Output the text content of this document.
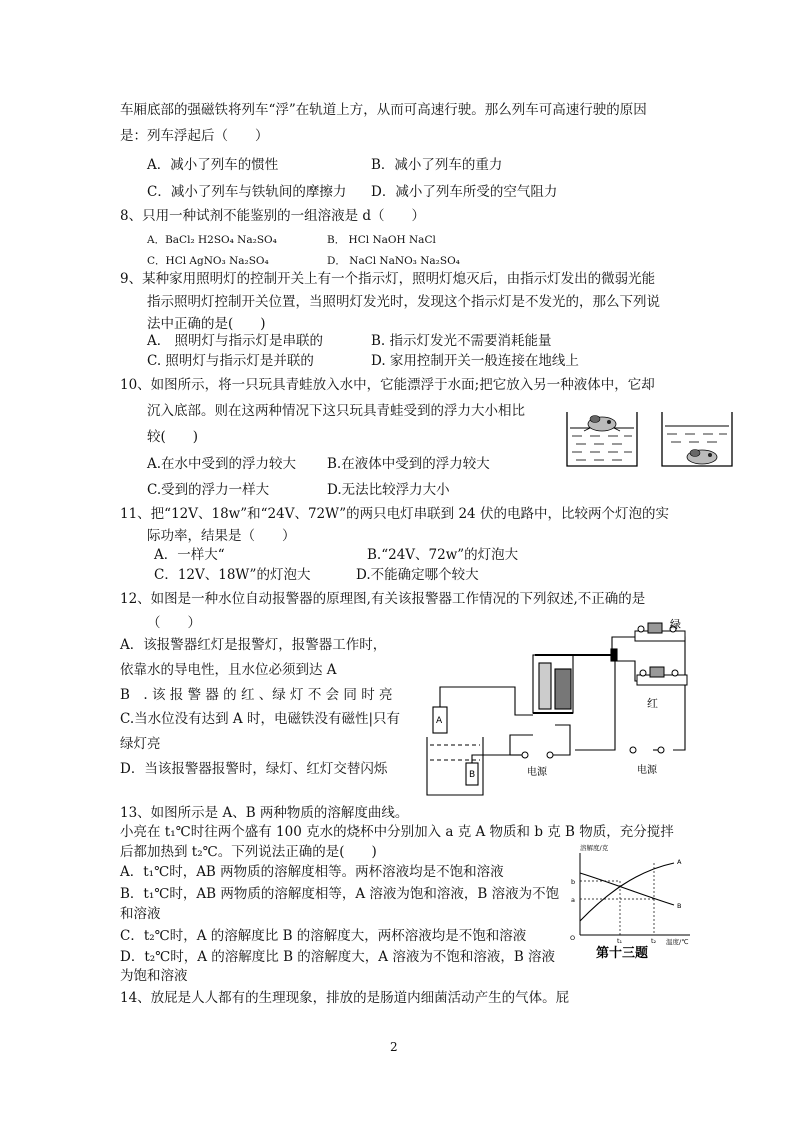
车厢底部的强磁铁将列车“浮”在轨道上方，从而可高速行驶。那么列车可高速行驶的原因
是：列车浮起后（　　）
A．减小了列车的惯性	B．减小了列车的重力
C．减小了列车与铁轨间的摩擦力 D．减小了列车所受的空气阻力
8、只用一种试剂不能鉴别的一组溶液是 d（　　）
A．BaCl₂ H2SO₄ Na₂SO₄	B． HCl NaOH NaCl
C．HCl AgNO₃ Na₂SO₄	D． NaCl NaNO₃ Na₂SO₄
9、某种家用照明灯的控制开关上有一个指示灯，照明灯熄灭后，由指示灯发出的微弱光能
指示照明灯控制开关位置，当照明灯发光时，发现这个指示灯是不发光的，那么下列说
法中正确的是(　　)
A． 照明灯与指示灯是串联的	B. 指示灯发光不需要消耗能量
C. 照明灯与指示灯是并联的	D. 家用控制开关一般连接在地线上
10、如图所示，将一只玩具青蛙放入水中，它能漂浮于水面;把它放入另一种液体中，它却
沉入底部。则在这两种情况下这只玩具青蛙受到的浮力大小相比
较(　　)
A.在水中受到的浮力较大 B.在液体中受到的浮力较大
C.受到的浮力一样大	D.无法比较浮力大小
11、把“12V、18w”和“24V、72W”的两只电灯串联到 24 伏的电路中，比较两个灯泡的实
际功率，结果是（　　）
A．一样大“	B.“24V、72w”的灯泡大
C．12V、18W”的灯泡大	D.不能确定哪个较大
12、如图是一种水位自动报警器的原理图,有关该报警器工作情况的下列叙述,不正确的是
（　　）
A．该报警器红灯是报警灯，报警器工作时，
依靠水的导电性，且水位必须到达 A
B　. 该 报 警 器 的 红 、绿 灯 不 会 同 时 亮
C.当水位没有达到 A 时，电磁铁没有磁性|只有
绿灯亮
D．当该报警器报警时，绿灯、红灯交替闪烁
绿
红
A
B	电源	电源
13、如图所示是 A、B 两种物质的溶解度曲线。
小亮在 t₁℃时往两个盛有 100 克水的烧杯中分别加入 a 克 A 物质和 b 克 B 物质，充分搅拌
后都加热到 t₂℃。下列说法正确的是(　　)
A．t₁℃时，AB 两物质的溶解度相等。两杯溶液均是不饱和溶液
B．t₁℃时，AB 两物质的溶解度相等，A 溶液为饱和溶液，B 溶液为不饱
和溶液
C．t₂℃时，A 的溶解度比 B 的溶解度大，两杯溶液均是不饱和溶液
D．t₂℃时，A 的溶解度比 B 的溶解度大，A 溶液为不饱和溶液，B 溶液
为饱和溶液
溶解度/克
温度/℃
A
B
b
a
O	t₁	t₂
第十三题
14、放屁是人人都有的生理现象，排放的是肠道内细菌活动产生的气体。屁
2
